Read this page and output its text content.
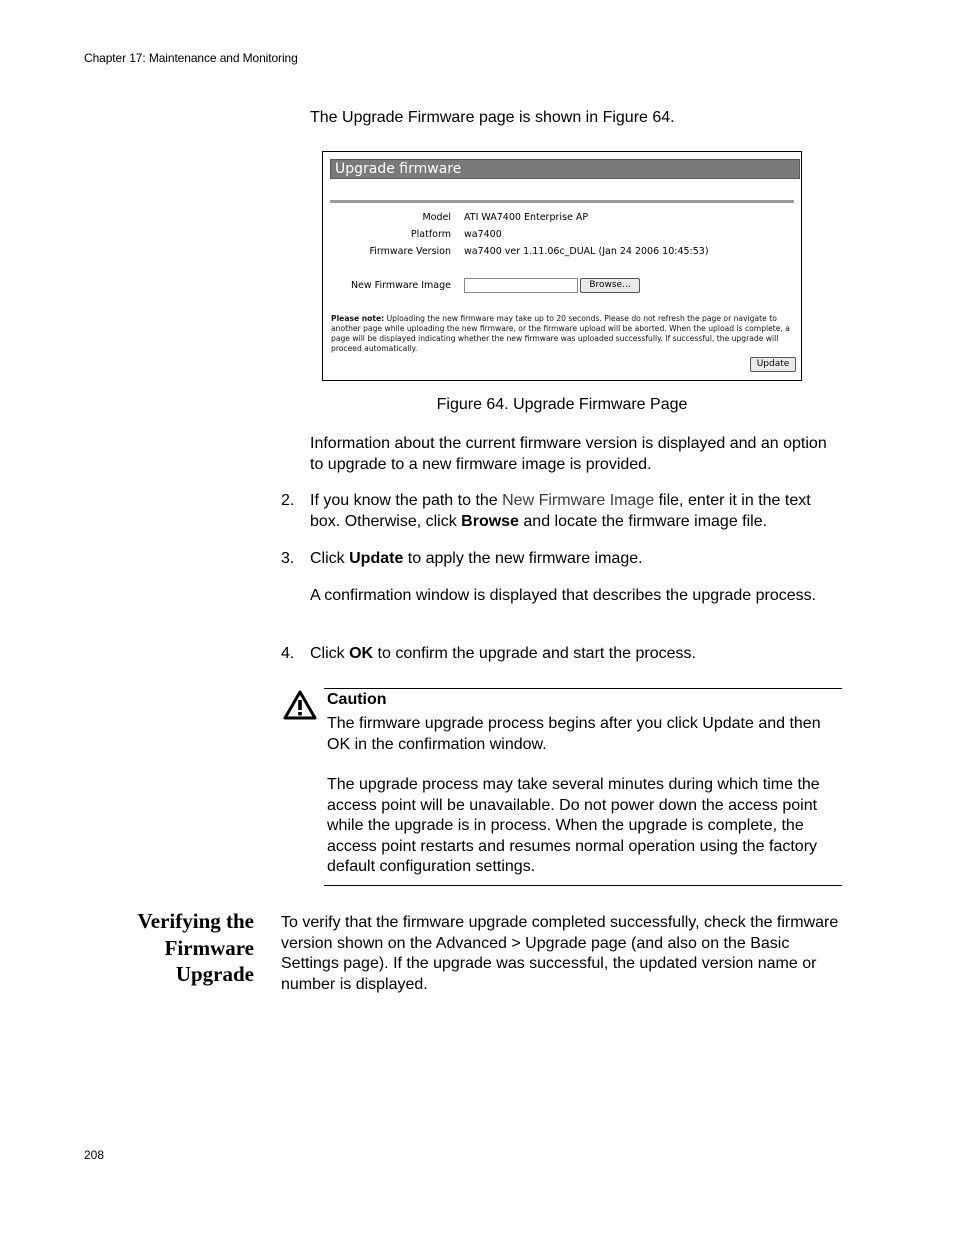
Chapter 17: Maintenance and Monitoring
The Upgrade Firmware page is shown in Figure 64.
Upgrade firmware
Model ATI WA7400 Enterprise AP
Platform wa7400
Firmware Version wa7400 ver 1.11.06c_DUAL (Jan 24 2006 10:45:53)
New Firmware Image	Browse...
Please note: Uploading the new firmware may take up to 20 seconds. Please do not refresh the page or navigate to another page while uploading the new firmware, or the firmware upload will be aborted. When the upload is complete, a page will be displayed indicating whether the new firmware was uploaded successfully. If successful, the upgrade will proceed automatically.
Update
Figure 64. Upgrade Firmware Page
Information about the current firmware version is displayed and an option to upgrade to a new firmware image is provided.
2. If you know the path to the New Firmware Image file, enter it in the text box. Otherwise, click Browse and locate the firmware image file.
3. Click Update to apply the new firmware image.
A confirmation window is displayed that describes the upgrade process.
4. Click OK to confirm the upgrade and start the process.
Caution
The firmware upgrade process begins after you click Update and then OK in the confirmation window.
The upgrade process may take several minutes during which time the access point will be unavailable. Do not power down the access point while the upgrade is in process. When the upgrade is complete, the access point restarts and resumes normal operation using the factory default configuration settings.
Verifying the
Firmware
Upgrade
To verify that the firmware upgrade completed successfully, check the firmware version shown on the Advanced > Upgrade page (and also on the Basic Settings page). If the upgrade was successful, the updated version name or number is displayed.
208
